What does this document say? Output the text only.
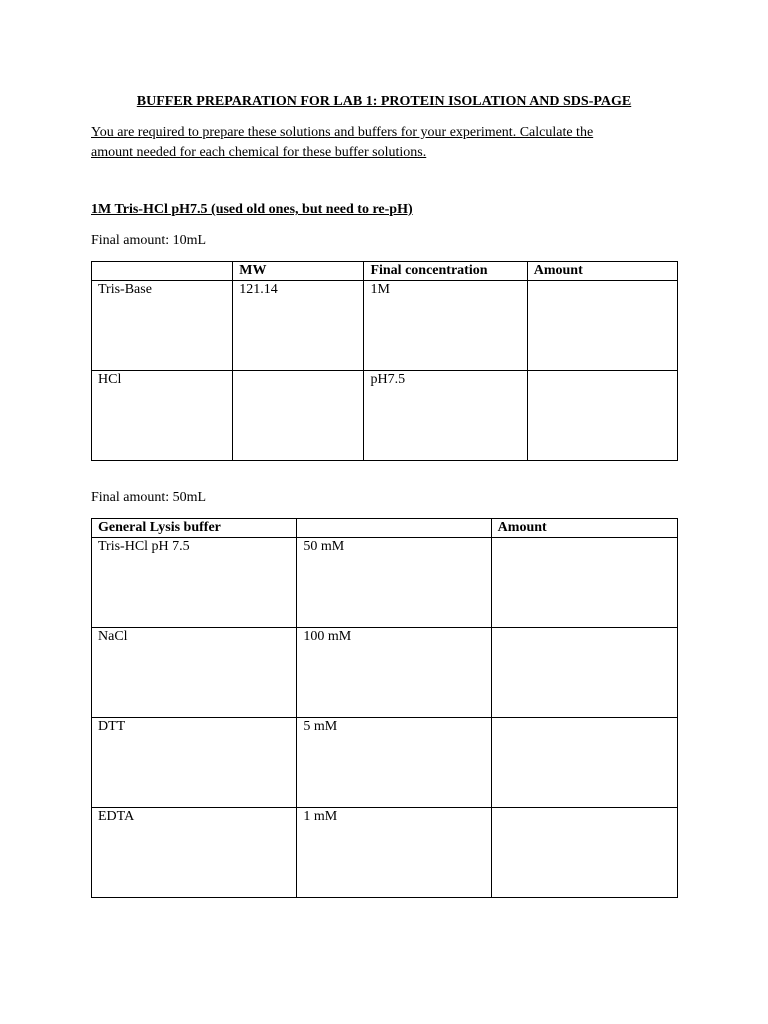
BUFFER PREPARATION FOR LAB 1: PROTEIN ISOLATION AND SDS-PAGE

You are required to prepare these solutions and buffers for your experiment. Calculate the
amount needed for each chemical for these buffer solutions.

1M Tris-HCl pH7.5 (used old ones, but need to re-pH)

Final amount: 10mL

	MW	Final concentration	Amount
Tris-Base	121.14	1M	
HCl		pH7.5	

Final amount: 50mL

General Lysis buffer		Amount
Tris-HCl pH 7.5	50 mM	
NaCl	100 mM	
DTT	5 mM	
EDTA	1 mM	
